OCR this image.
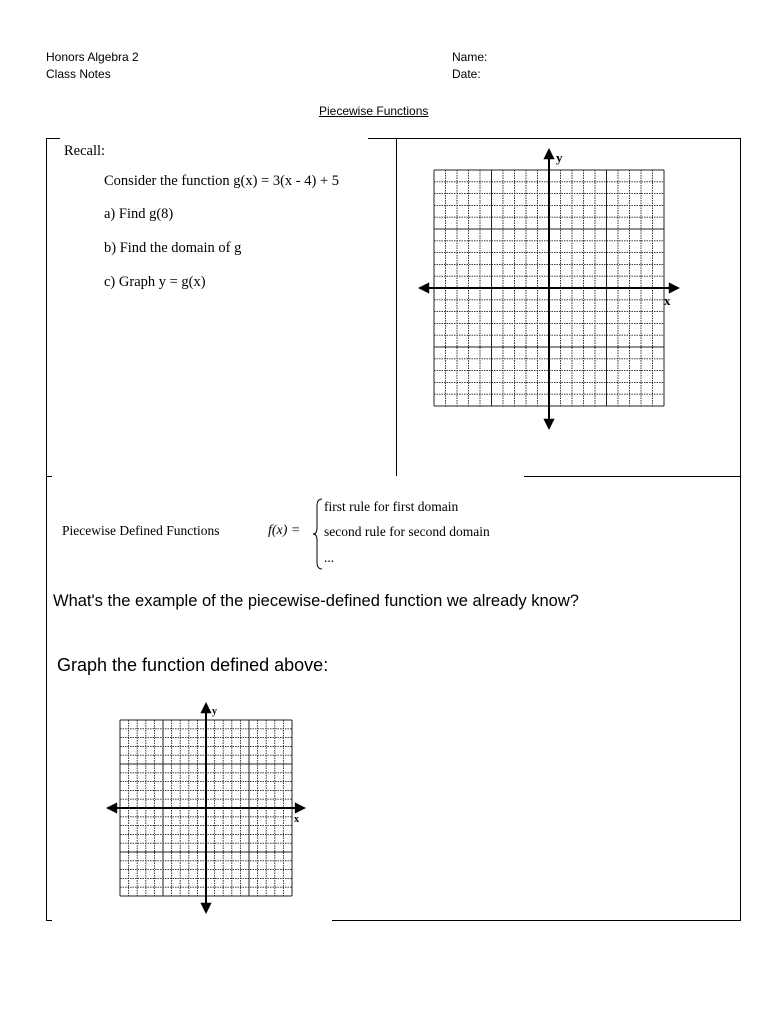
Honors Algebra 2
Class Notes
Name:
Date:
Piecewise Functions
Recall:
Consider the function g(x) = 3(x - 4) + 5
a) Find g(8)
b) Find the domain of g
c) Graph y = g(x)
x
y
Piecewise Defined Functions	f(x) =
first rule for first domain
second rule for second domain
...
What's the example of the piecewise-defined function we already know?
Graph the function defined above:
x
y
